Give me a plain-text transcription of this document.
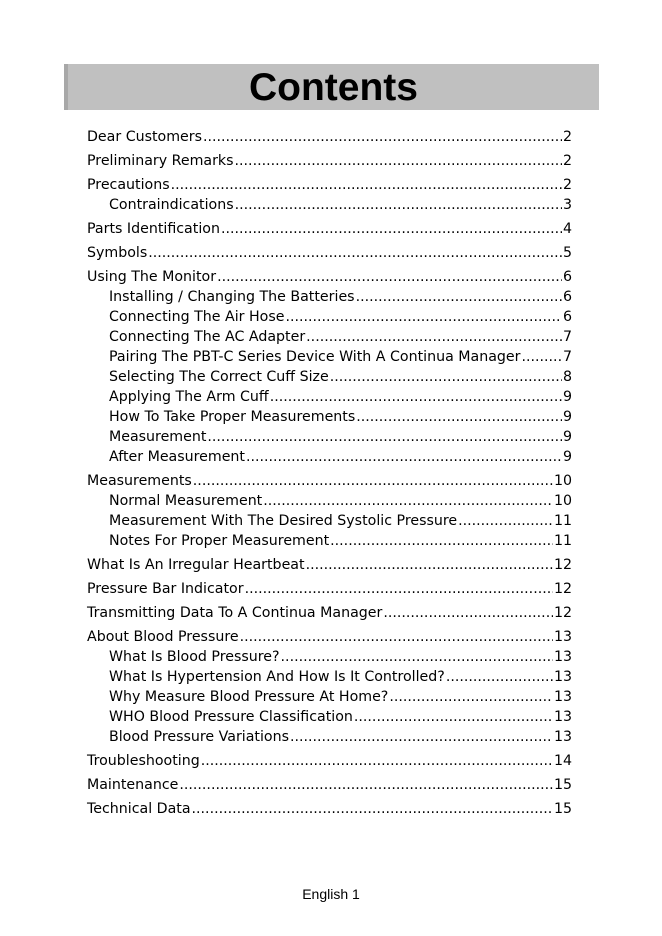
Contents
Dear Customers .....	2
Preliminary Remarks .....	2
Precautions .....	2
Contraindications .....	3
Parts Identification .....	4
Symbols .....	5
Using The Monitor .....	6
Installing / Changing The Batteries .....	6
Connecting The Air Hose .....	6
Connecting The AC Adapter .....	7
Pairing The PBT-C Series Device With A Continua Manager .....	7
Selecting The Correct Cuff Size .....	8
Applying The Arm Cuff .....	9
How To Take Proper Measurements .....	9
Measurement .....	9
After Measurement .....	9
Measurements .....	10
Normal Measurement .....	10
Measurement With The Desired Systolic Pressure .....	11
Notes For Proper Measurement .....	11
What Is An Irregular Heartbeat .....	12
Pressure Bar Indicator .....	12
Transmitting Data To A Continua Manager .....	12
About Blood Pressure .....	13
What Is Blood Pressure? .....	13
What Is Hypertension And How Is It Controlled? .....	13
Why Measure Blood Pressure At Home? .....	13
WHO Blood Pressure Classification .....	13
Blood Pressure Variations .....	13
Troubleshooting .....	14
Maintenance .....	15
Technical Data .....	15
English 1
